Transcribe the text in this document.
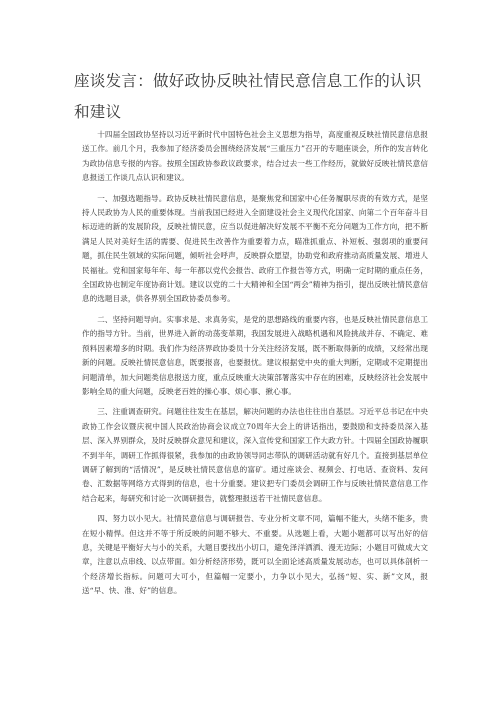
座谈发言：做好政协反映社情民意信息工作的认识和建议

十四届全国政协坚持以习近平新时代中国特色社会主义思想为指导，高度重视反映社情民意信息报送工作。前几个月，我参加了经济委员会围绕经济发展“三重压力”召开的专题座谈会，所作的发言转化为政协信息专报的内容。按照全国政协参政议政要求，结合过去一些工作经历，就做好反映社情民意信息报送工作谈几点认识和建议。

一、加强选题指导。政协反映社情民意信息，是聚焦党和国家中心任务履职尽责的有效方式，是坚持人民政协为人民的重要体现。当前我国已经进入全面建设社会主义现代化国家、向第二个百年奋斗目标迈进的新的发展阶段，反映社情民意，应当以促进解决好发展不平衡不充分问题为工作方向，把不断满足人民对美好生活的需要、促进民生改善作为重要着力点，瞄准抓重点、补短板、强弱项的重要问题，抓住民生领域的实际问题，倾听社会呼声，反映群众愿望，协助党和政府推动高质量发展、增进人民福祉。党和国家每年年、每一年都以党代会报告、政府工作报告等方式，明确一定时期的重点任务，全国政协也制定年度协商计划。建议以党的二十大精神和全国“两会”精神为指引，提出反映社情民意信息的选题目录，供各界别全国政协委员参考。

二、坚持问题导向。实事求是、求真务实，是党的思想路线的重要内容，也是反映社情民意信息工作的指导方针。当前，世界进入新的动荡变革期，我国发展进入战略机遇和风险挑战并存、不确定、难预料因素增多的时期。我们作为经济界政协委员十分关注经济发展，既不断取得新的成绩，又经常出现新的问题。反映社情民意信息，既要报喜，也要报忧。建议根据党中央的重大判断，定期或不定期提出问题清单，加大问题类信息报送力度，重点反映重大决策部署落实中存在的困难，反映经济社会发展中影响全局的重大问题，反映老百姓的操心事、烦心事、揪心事。

三、注重调查研究。问题往往发生在基层，解决问题的办法也往往出自基层。习近平总书记在中央政协工作会议暨庆祝中国人民政治协商会议成立70周年大会上的讲话指出，要鼓励和支持委员深入基层、深入界别群众，及时反映群众意见和建议，深入宣传党和国家工作大政方针。十四届全国政协履职不到半年，调研工作抓得很紧，我参加的由政协领导同志带队的调研活动就有好几个。直接到基层单位调研了解到的“活情况”，是反映社情民意信息的富矿。通过座谈会、视频会、打电话、查资料、发问卷、汇数据等网络方式得到的信息，也十分重要。建议把专门委员会调研工作与反映社情民意信息工作结合起来，每研究和讨论一次调研报告，就整理报送若干社情民意信息。

四、努力以小见大。社情民意信息与调研报告、专业分析文章不同，篇幅不能大，头绪不能多，贵在短小精悍。但这并不等于所反映的问题不够大、不重要。从选题上看，大题小题都可以写出好的信息，关键是平衡好大与小的关系，大题目要找出小切口，避免泽洋洒洒、漫无边际；小题目可做成大文章，注意以点串线、以点带面。如分析经济形势，既可以全面论述高质量发展动态，也可以具体剖析一个经济增长指标。问题可大可小，但篇幅一定要小，力争以小见大，弘扬“短、实、新”文风，报送“早、快、准、好”的信息。
